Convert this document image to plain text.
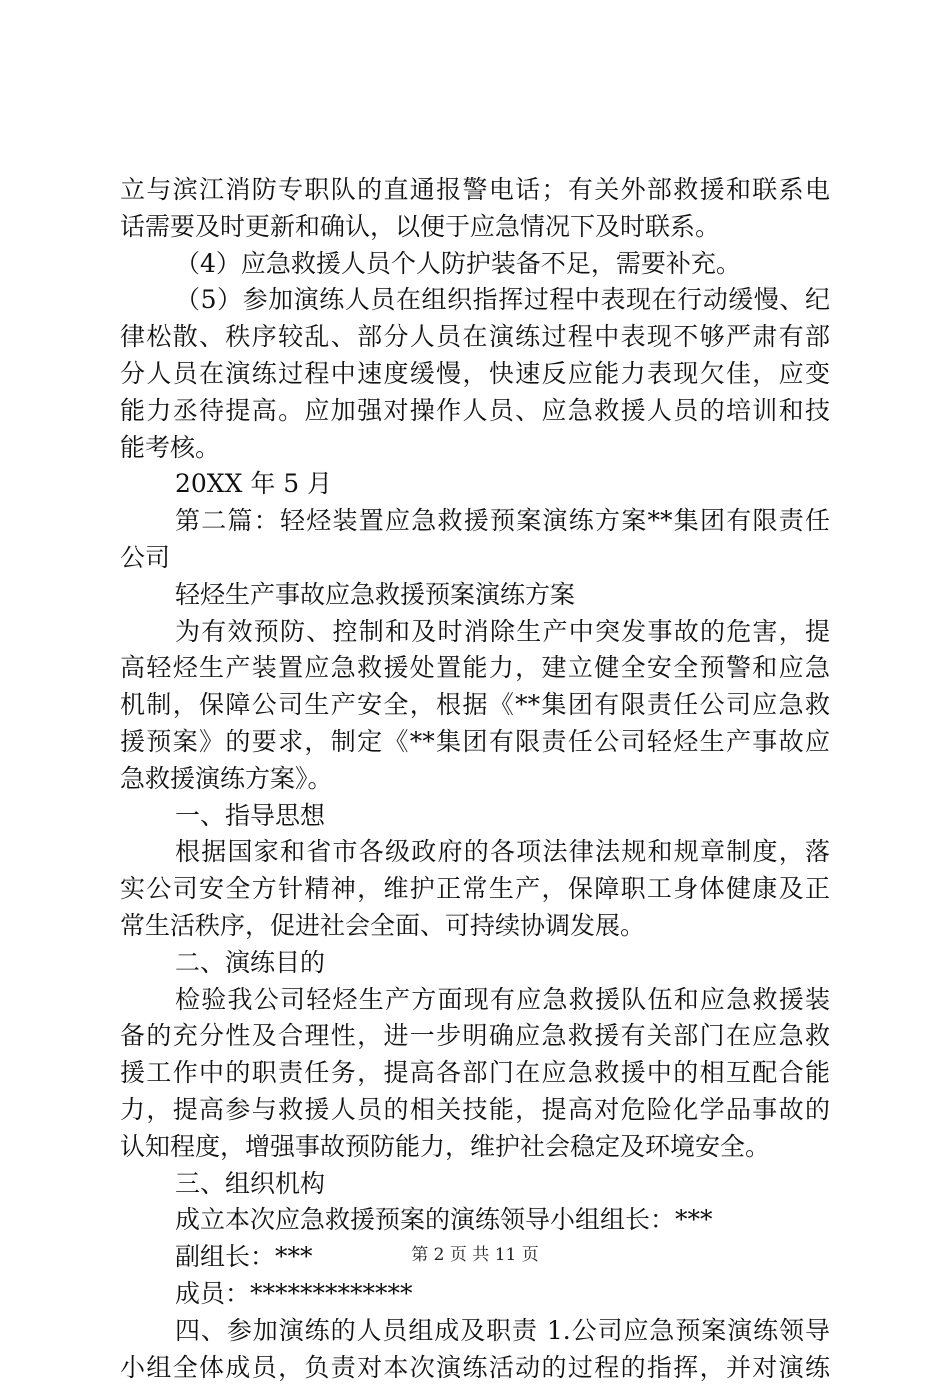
立与滨江消防专职队的直通报警电话；有关外部救援和联系电
话需要及时更新和确认，以便于应急情况下及时联系。
（4）应急救援人员个人防护装备不足，需要补充。
（5）参加演练人员在组织指挥过程中表现在行动缓慢、纪
律松散、秩序较乱、部分人员在演练过程中表现不够严肃有部
分人员在演练过程中速度缓慢，快速反应能力表现欠佳，应变
能力丞待提高。应加强对操作人员、应急救援人员的培训和技
能考核。
20XX 年 5 月
第二篇：轻烃装置应急救援预案演练方案**集团有限责任
公司
轻烃生产事故应急救援预案演练方案
为有效预防、控制和及时消除生产中突发事故的危害，提
高轻烃生产装置应急救援处置能力，建立健全安全预警和应急
机制，保障公司生产安全，根据《**集团有限责任公司应急救
援预案》的要求，制定《**集团有限责任公司轻烃生产事故应
急救援演练方案》。
一、指导思想
根据国家和省市各级政府的各项法律法规和规章制度，落
实公司安全方针精神，维护正常生产，保障职工身体健康及正
常生活秩序，促进社会全面、可持续协调发展。
二、演练目的
检验我公司轻烃生产方面现有应急救援队伍和应急救援装
备的充分性及合理性，进一步明确应急救援有关部门在应急救
援工作中的职责任务，提高各部门在应急救援中的相互配合能
力，提高参与救援人员的相关技能，提高对危险化学品事故的
认知程度，增强事故预防能力，维护社会稳定及环境安全。
三、组织机构
成立本次应急救援预案的演练领导小组组长：***
副组长：***
成员：*************
四、参加演练的人员组成及职责 1.公司应急预案演练领导
小组全体成员，负责对本次演练活动的过程的指挥，并对演练
第 2 页 共 11 页
